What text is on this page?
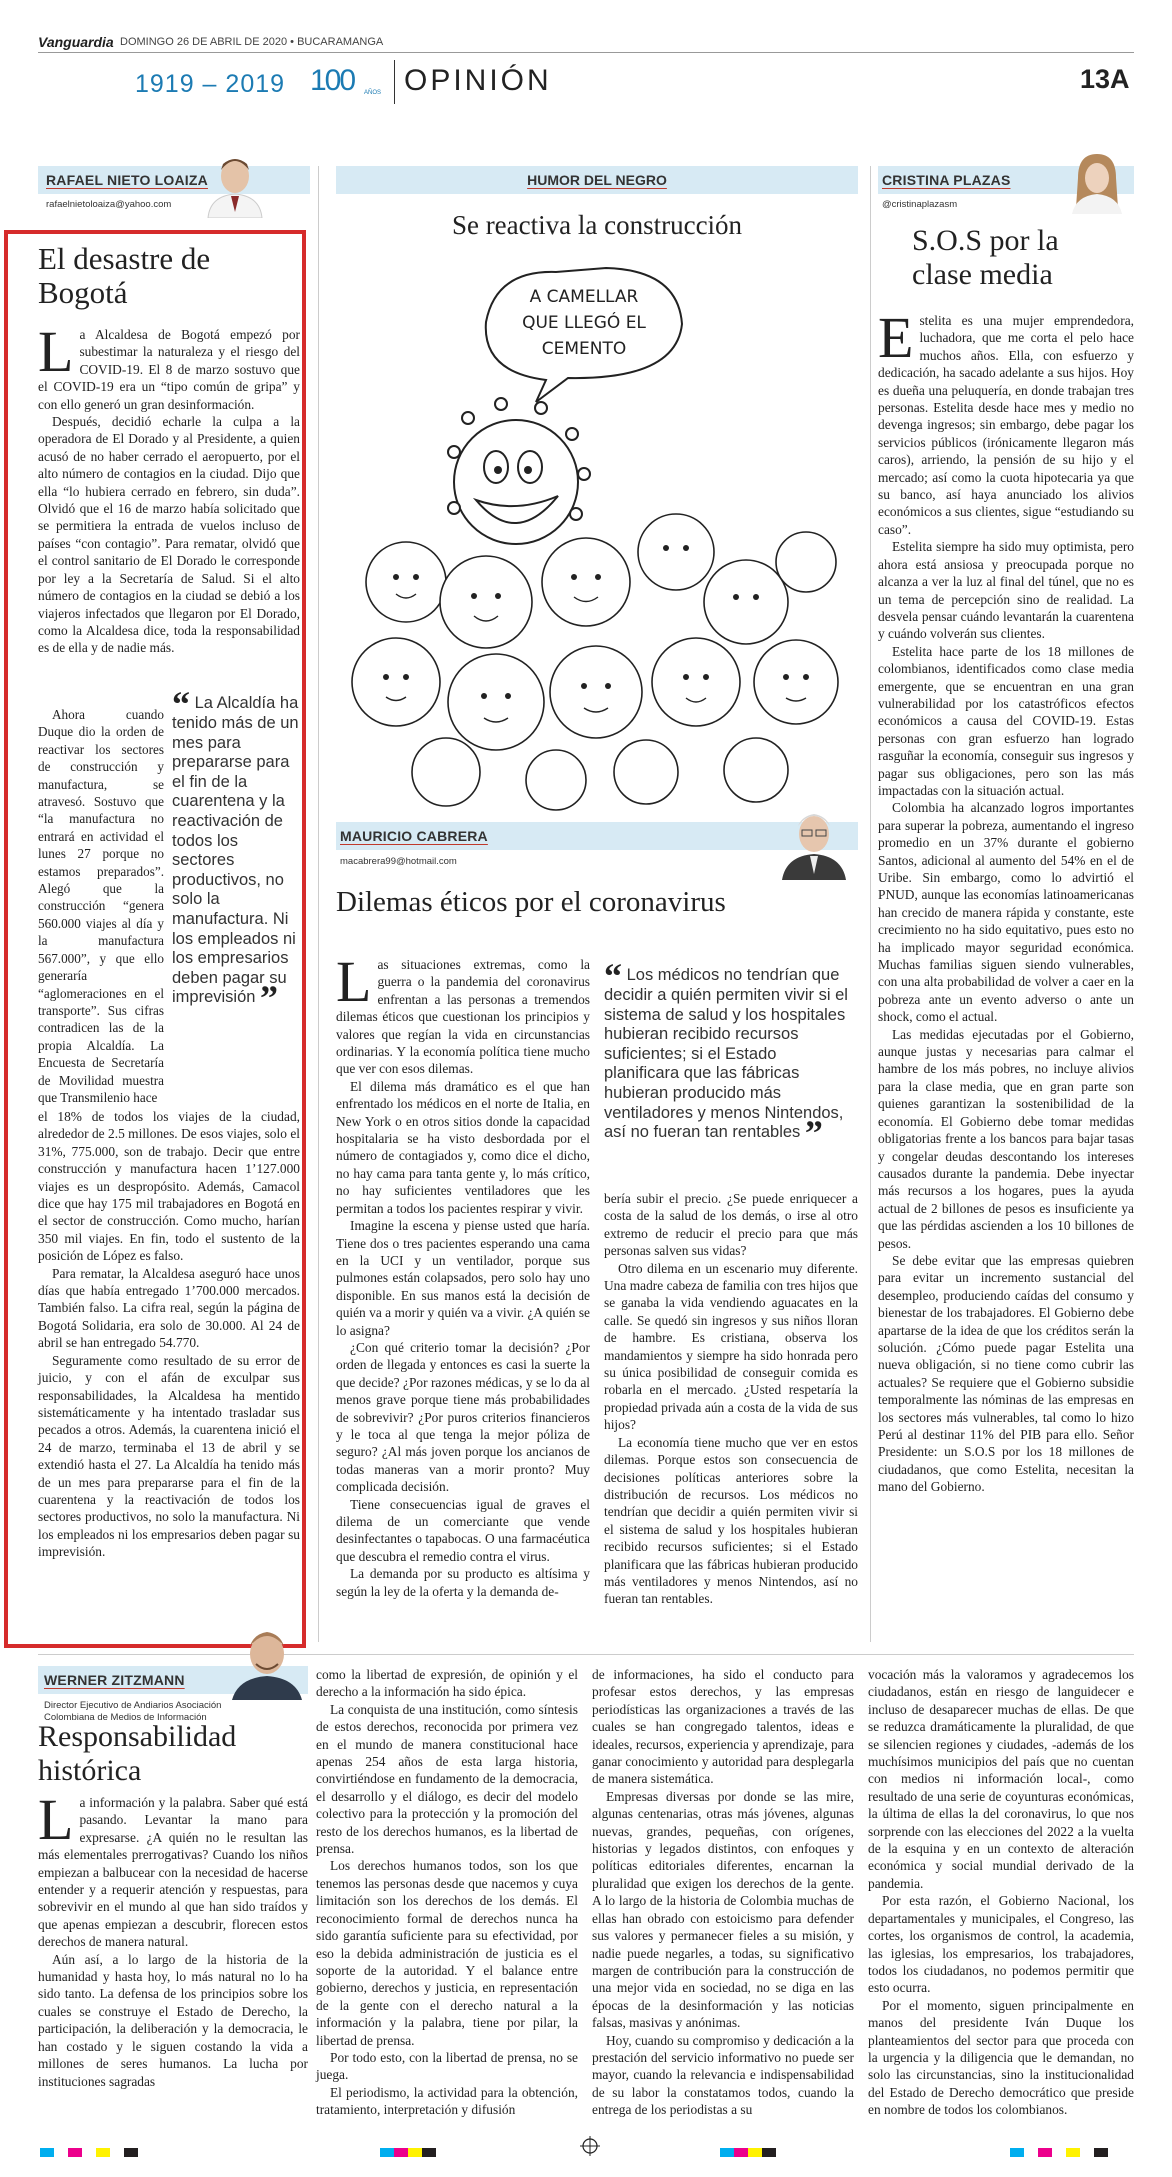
Vanguardia DOMINGO 26 DE ABRIL DE 2020 • BUCARAMANGA
1919 – 2019 100 AÑOS OPINIÓN	13A
RAFAEL NIETO LOAIZA
rafaelnietoloaiza@yahoo.com
El desastre de Bogotá

La Alcaldesa de Bogotá empezó por subestimar la naturaleza y el riesgo del COVID-19. El 8 de marzo sostuvo que el COVID-19 era un “tipo común de gripa” y con ello generó un gran desinformación.

Después, decidió echarle la culpa a la operadora de El Dorado y al Presidente, a quien acusó de no haber cerrado el aeropuerto, por el alto número de contagios en la ciudad. Dijo que ella “lo hubiera cerrado en febrero, sin duda”. Olvidó que el 16 de marzo había solicitado que se permitiera la entrada de vuelos incluso de países “con contagio”. Para rematar, olvidó que el control sanitario de El Dorado le corresponde por ley a la Secretaría de Salud. Si el alto número de contagios en la ciudad se debió a los viajeros infectados que llegaron por El Dorado, como la Alcaldesa dice, toda la responsabilidad es de ella y de nadie más.

Ahora cuando Duque dio la orden de reactivar los sectores de construcción y manufactura, se atravesó. Sostuvo que “la manufactura no entrará en actividad el lunes 27 porque no estamos preparados”. Alegó que la construcción “genera 560.000 viajes al día y la manufactura 567.000”, y que ello generaría “aglomeraciones en el transporte”. Sus cifras contradicen las de la propia Alcaldía. La Encuesta de Secretaría de Movilidad muestra que Transmilenio hace

“ La Alcaldía ha tenido más de un mes para prepararse para el fin de la cuarentena y la reactivación de todos los sectores productivos, no solo la manufactura. Ni los empleados ni los empresarios deben pagar su imprevisión ”

el 18% de todos los viajes de la ciudad, alrededor de 2.5 millones. De esos viajes, solo el 31%, 775.000, son de trabajo. Decir que entre construcción y manufactura hacen 1’127.000 viajes es un despropósito. Además, Camacol dice que hay 175 mil trabajadores en Bogotá en el sector de construcción. Como mucho, harían 350 mil viajes. En fin, todo el sustento de la posición de López es falso.

Para rematar, la Alcaldesa aseguró hace unos días que había entregado 1’700.000 mercados. También falso. La cifra real, según la página de Bogotá Solidaria, era solo de 30.000. Al 24 de abril se han entregado 54.770.

Seguramente como resultado de su error de juicio, y con el afán de exculpar sus responsabilidades, la Alcaldesa ha mentido sistemáticamente y ha intentado trasladar sus pecados a otros. Además, la cuarentena inició el 24 de marzo, terminaba el 13 de abril y se extendió hasta el 27. La Alcaldía ha tenido más de un mes para prepararse para el fin de la cuarentena y la reactivación de todos los sectores productivos, no solo la manufactura. Ni los empleados ni los empresarios deben pagar su imprevisión.

HUMOR DEL NEGRO
Se reactiva la construcción
A CAMELLAR
QUE LLEGÓ EL
CEMENTO
MAURICIO CABRERA
macabrera99@hotmail.com
Dilemas éticos por el coronavirus

Las situaciones extremas, como la guerra o la pandemia del coronavirus enfrentan a las personas a tremendos dilemas éticos que cuestionan los principios y valores que regían la vida en circunstancias ordinarias. Y la economía política tiene mucho que ver con esos dilemas.

El dilema más dramático es el que han enfrentado los médicos en el norte de Italia, en New York o en otros sitios donde la capacidad hospitalaria se ha visto desbordada por el número de contagiados y, como dice el dicho, no hay cama para tanta gente y, lo más crítico, no hay suficientes ventiladores que les permitan a todos los pacientes respirar y vivir.

Imagine la escena y piense usted que haría. Tiene dos o tres pacientes esperando una cama en la UCI y un ventilador, porque sus pulmones están colapsados, pero solo hay uno disponible. En sus manos está la decisión de quién va a morir y quién va a vivir. ¿A quién se lo asigna?

¿Con qué criterio tomar la decisión? ¿Por orden de llegada y entonces es casi la suerte la que decide? ¿Por razones médicas, y se lo da al menos grave porque tiene más probabilidades de sobrevivir? ¿Por puros criterios financieros y le toca al que tenga la mejor póliza de seguro? ¿Al más joven porque los ancianos de todas maneras van a morir pronto? Muy complicada decisión.

Tiene consecuencias igual de graves el dilema de un comerciante que vende desinfectantes o tapabocas. O una farmacéutica que descubra el remedio contra el virus.

La demanda por su producto es altísima y según la ley de la oferta y la demanda de-

“ Los médicos no tendrían que decidir a quién permiten vivir si el sistema de salud y los hospitales hubieran recibido recursos suficientes; si el Estado planificara que las fábricas hubieran producido más ventiladores y menos Nintendos, así no fueran tan rentables ”

bería subir el precio. ¿Se puede enriquecer a costa de la salud de los demás, o irse al otro extremo de reducir el precio para que más personas salven sus vidas?

Otro dilema en un escenario muy diferente. Una madre cabeza de familia con tres hijos que se ganaba la vida vendiendo aguacates en la calle. Se quedó sin ingresos y sus niños lloran de hambre. Es cristiana, observa los mandamientos y siempre ha sido honrada pero su única posibilidad de conseguir comida es robarla en el mercado. ¿Usted respetaría la propiedad privada aún a costa de la vida de sus hijos?

La economía tiene mucho que ver en estos dilemas. Porque estos son consecuencia de decisiones políticas anteriores sobre la distribución de recursos. Los médicos no tendrían que decidir a quién permiten vivir si el sistema de salud y los hospitales hubieran recibido recursos suficientes; si el Estado planificara que las fábricas hubieran producido más ventiladores y menos Nintendos, así no fueran tan rentables.

CRISTINA PLAZAS
@cristinaplazasm
S.O.S por la clase media

Estelita es una mujer emprendedora, luchadora, que me corta el pelo hace muchos años. Ella, con esfuerzo y dedicación, ha sacado adelante a sus hijos. Hoy es dueña una peluquería, en donde trabajan tres personas. Estelita desde hace mes y medio no devenga ingresos; sin embargo, debe pagar los servicios públicos (irónicamente llegaron más caros), arriendo, la pensión de su hijo y el mercado; así como la cuota hipotecaria ya que su banco, así haya anunciado los alivios económicos a sus clientes, sigue “estudiando su caso”.

Estelita siempre ha sido muy optimista, pero ahora está ansiosa y preocupada porque no alcanza a ver la luz al final del túnel, que no es un tema de percepción sino de realidad. La desvela pensar cuándo levantarán la cuarentena y cuándo volverán sus clientes.

Estelita hace parte de los 18 millones de colombianos, identificados como clase media emergente, que se encuentran en una gran vulnerabilidad por los catastróficos efectos económicos a causa del COVID-19. Estas personas con gran esfuerzo han logrado rasguñar la economía, conseguir sus ingresos y pagar sus obligaciones, pero son las más impactadas con la situación actual.

Colombia ha alcanzado logros importantes para superar la pobreza, aumentando el ingreso promedio en un 37% durante el gobierno Santos, adicional al aumento del 54% en el de Uribe. Sin embargo, como lo advirtió el PNUD, aunque las economías latinoamericanas han crecido de manera rápida y constante, este crecimiento no ha sido equitativo, pues esto no ha implicado mayor seguridad económica. Muchas familias siguen siendo vulnerables, con una alta probabilidad de volver a caer en la pobreza ante un evento adverso o ante un shock, como el actual.

Las medidas ejecutadas por el Gobierno, aunque justas y necesarias para calmar el hambre de los más pobres, no incluye alivios para la clase media, que en gran parte son quienes garantizan la sostenibilidad de la economía. El Gobierno debe tomar medidas obligatorias frente a los bancos para bajar tasas y congelar deudas descontando los intereses causados durante la pandemia. Debe inyectar más recursos a los hogares, pues la ayuda actual de 2 billones de pesos es insuficiente ya que las pérdidas ascienden a los 10 billones de pesos.

Se debe evitar que las empresas quiebren para evitar un incremento sustancial del desempleo, produciendo caídas del consumo y bienestar de los trabajadores. El Gobierno debe apartarse de la idea de que los créditos serán la solución. ¿Cómo puede pagar Estelita una nueva obligación, si no tiene como cubrir las actuales? Se requiere que el Gobierno subsidie temporalmente las nóminas de las empresas en los sectores más vulnerables, tal como lo hizo Perú al destinar 11% del PIB para ello. Señor Presidente: un S.O.S por los 18 millones de ciudadanos, que como Estelita, necesitan la mano del Gobierno.

WERNER ZITZMANN
Director Ejecutivo de Andiarios Asociación Colombiana de Medios de Información
Responsabilidad histórica

La información y la palabra. Saber qué está pasando. Levantar la mano para expresarse. ¿A quién no le resultan las más elementales prerrogativas? Cuando los niños empiezan a balbucear con la necesidad de hacerse entender y a requerir atención y respuestas, para sobrevivir en el mundo al que han sido traídos y que apenas empiezan a descubrir, florecen estos derechos de manera natural.

Aún así, a lo largo de la historia de la humanidad y hasta hoy, lo más natural no lo ha sido tanto. La defensa de los principios sobre los cuales se construye el Estado de Derecho, la participación, la deliberación y la democracia, le han costado y le siguen costando la vida a millones de seres humanos. La lucha por instituciones sagradas

como la libertad de expresión, de opinión y el derecho a la información ha sido épica.

La conquista de una institución, como síntesis de estos derechos, reconocida por primera vez en el mundo de manera constitucional hace apenas 254 años de esta larga historia, convirtiéndose en fundamento de la democracia, el desarrollo y el diálogo, es decir del modelo colectivo para la protección y la promoción del resto de los derechos humanos, es la libertad de prensa.

Los derechos humanos todos, son los que tenemos las personas desde que nacemos y cuya limitación son los derechos de los demás. El reconocimiento formal de derechos nunca ha sido garantía suficiente para su efectividad, por eso la debida administración de justicia es el soporte de la autoridad. Y el balance entre gobierno, derechos y justicia, en representación de la gente con el derecho natural a la información y la palabra, tiene por pilar, la libertad de prensa.

Por todo esto, con la libertad de prensa, no se juega.

El periodismo, la actividad para la obtención, tratamiento, interpretación y difusión

de informaciones, ha sido el conducto para profesar estos derechos, y las empresas periodísticas las organizaciones a través de las cuales se han congregado talentos, ideas e ideales, recursos, experiencia y aprendizaje, para ganar conocimiento y autoridad para desplegarla de manera sistemática.

Empresas diversas por donde se las mire, algunas centenarias, otras más jóvenes, algunas nuevas, grandes, pequeñas, con orígenes, historias y legados distintos, con enfoques y políticas editoriales diferentes, encarnan la pluralidad que exigen los derechos de la gente. A lo largo de la historia de Colombia muchas de ellas han obrado con estoicismo para defender sus valores y permanecer fieles a su misión, y nadie puede negarles, a todas, su significativo margen de contribución para la construcción de una mejor vida en sociedad, no se diga en las épocas de la desinformación y las noticias falsas, masivas y anónimas.

Hoy, cuando su compromiso y dedicación a la prestación del servicio informativo no puede ser mayor, cuando la relevancia e indispensabilidad de su labor la constatamos todos, cuando la entrega de los periodistas a su

vocación más la valoramos y agradecemos los ciudadanos, están en riesgo de languidecer e incluso de desaparecer muchas de ellas. De que se reduzca dramáticamente la pluralidad, de que se silencien regiones y ciudades, -además de los muchísimos municipios del país que no cuentan con medios ni información local-, como resultado de una serie de coyunturas económicas, la última de ellas la del coronavirus, lo que nos sorprende con las elecciones del 2022 a la vuelta de la esquina y en un contexto de alteración económica y social mundial derivado de la pandemia.

Por esta razón, el Gobierno Nacional, los departamentales y municipales, el Congreso, las cortes, los organismos de control, la academia, las iglesias, los empresarios, los trabajadores, todos los ciudadanos, no podemos permitir que esto ocurra.

Por el momento, siguen principalmente en manos del presidente Iván Duque los planteamientos del sector para que proceda con la urgencia y la diligencia que le demandan, no solo las circunstancias, sino la institucionalidad del Estado de Derecho democrático que preside en nombre de todos los colombianos.
